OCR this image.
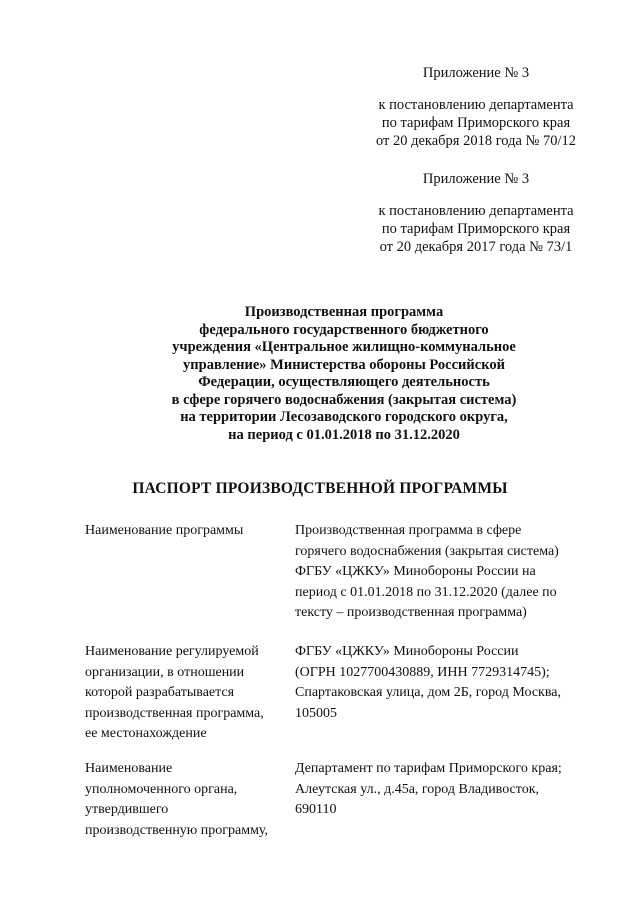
Приложение № 3
к постановлению департамента
по тарифам Приморского края
от 20 декабря 2018 года № 70/12
Приложение № 3
к постановлению департамента
по тарифам Приморского края
от 20 декабря 2017 года № 73/1
Производственная программа
федерального государственного бюджетного
учреждения «Центральное жилищно-коммунальное
управление» Министерства обороны Российской
Федерации, осуществляющего деятельность
в сфере горячего водоснабжения (закрытая система)
на территории Лесозаводского городского округа,
на период с 01.01.2018 по 31.12.2020
ПАСПОРТ ПРОИЗВОДСТВЕННОЙ ПРОГРАММЫ
Наименование программы	Производственная программа в сфере
горячего водоснабжения (закрытая система)
ФГБУ «ЦЖКУ» Минобороны России на
период с 01.01.2018 по 31.12.2020 (далее по
тексту – производственная программа)
Наименование регулируемой
организации, в отношении
которой разрабатывается
производственная программа,
ее местонахождение
ФГБУ «ЦЖКУ» Минобороны России
(ОГРН 1027700430889, ИНН 7729314745);
Спартаковская улица, дом 2Б, город Москва,
105005
Наименование
уполномоченного органа,
утвердившего
производственную программу,
Департамент по тарифам Приморского края;
Алеутская ул., д.45а, город Владивосток,
690110
